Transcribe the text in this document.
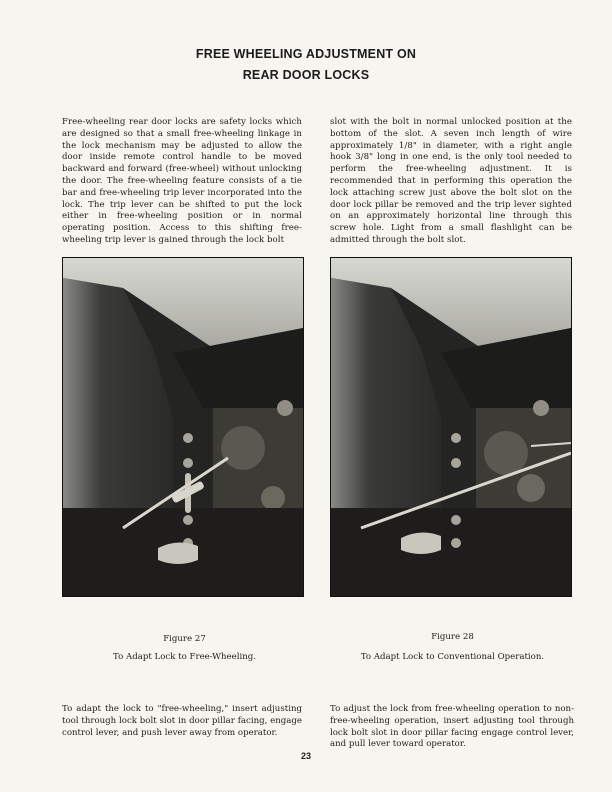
FREE WHEELING ADJUSTMENT ON
REAR DOOR LOCKS
Free-wheeling rear door locks are safety locks which are designed so that a small free-wheeling linkage in the lock mechanism may be adjusted to allow the door inside remote control handle to be moved backward and forward (free-wheel) without unlocking the door. The free-wheeling feature consists of a tie bar and free-wheeling trip lever incorporated into the lock. The trip lever can be shifted to put the lock either in free-wheeling position or in normal operating position. Access to this shifting free-wheeling trip lever is gained through the lock bolt
slot with the bolt in normal unlocked position at the bottom of the slot. A seven inch length of wire approximately 1/8" in diameter, with a right angle hook 3/8" long in one end, is the only tool needed to perform the free-wheeling adjustment. It is recommended that in performing this operation the lock attaching screw just above the bolt slot on the door lock pillar be removed and the trip lever sighted on an approximately horizontal line through this screw hole. Light from a small flashlight can be admitted through the bolt slot.
Figure 27	Figure 28
To Adapt Lock to Free-Wheeling.	To Adapt Lock to Conventional Operation.
To adapt the lock to "free-wheeling," insert adjusting tool through lock bolt slot in door pillar facing, engage control lever, and push lever away from operator.
To adjust the lock from free-wheeling operation to non-free-wheeling operation, insert adjusting tool through lock bolt slot in door pillar facing engage control lever, and pull lever toward operator.
23
